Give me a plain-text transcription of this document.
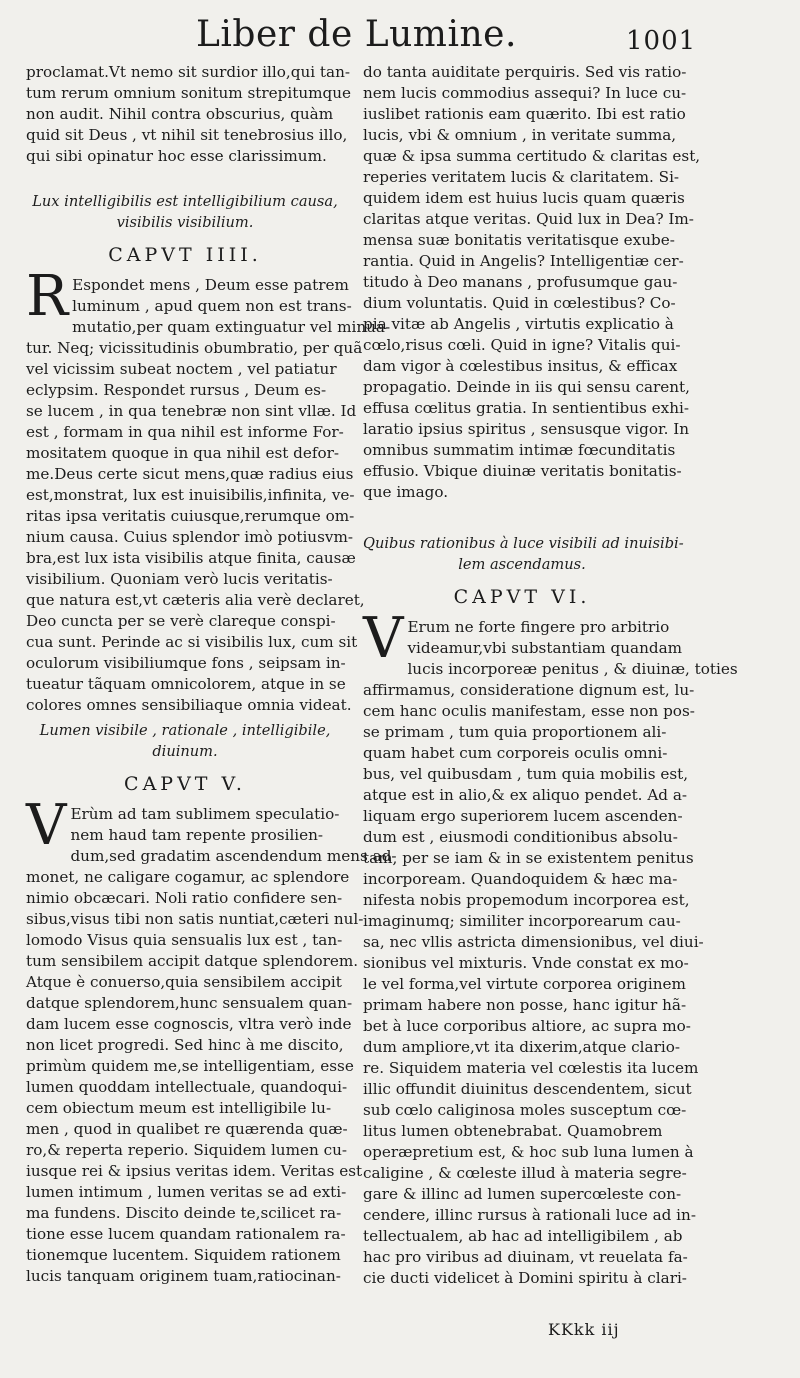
Liber de Lumine.	1001
proclamat.Vt nemo sit surdior illo,qui tan-
tum rerum omnium sonitum strepitumque
non audit. Nihil contra obscurius, quàm
quid sit Deus , vt nihil sit tenebrosius illo,
qui sibi opinatur hoc esse clarissimum.
Lux intelligibilis est intelligibilium causa,
visibilis visibilium.
CAPVT IIII.
R Espondet mens , Deum esse patrem
luminum , apud quem non est trans-
mutatio,per quam extinguatur vel minua-
tur. Neq; vicissitudinis obumbratio, per quã
vel vicissim subeat noctem , vel patiatur
eclypsim. Respondet rursus , Deum es-
se lucem , in qua tenebræ non sint vllæ. Id
est , formam in qua nihil est informe For-
mositatem quoque in qua nihil est defor-
me.Deus certe sicut mens,quæ radius eius
est,monstrat, lux est inuisibilis,infinita, ve-
ritas ipsa veritatis cuiusque,rerumque om-
nium causa. Cuius splendor imò potiusvm-
bra,est lux ista visibilis atque finita, causæ
visibilium. Quoniam verò lucis veritatis-
que natura est,vt cæteris alia verè declaret,
Deo cuncta per se verè clareque conspi-
cua sunt. Perinde ac si visibilis lux, cum sit
oculorum visibiliumque fons , seipsam in-
tueatur tãquam omnicolorem, atque in se
colores omnes sensibiliaque omnia videat.
Lumen visibile , rationale , intelligibile,
diuinum.
CAPVT V.
V Erùm ad tam sublimem speculatio-
nem haud tam repente prosilien-
dum,sed gradatim ascendendum mens ad-
monet, ne caligare cogamur, ac splendore
nimio obcæcari. Noli ratio confidere sen-
sibus,visus tibi non satis nuntiat,cæteri nul-
lomodo Visus quia sensualis lux est , tan-
tum sensibilem accipit datque splendorem.
Atque è conuerso,quia sensibilem accipit
datque splendorem,hunc sensualem quan-
dam lucem esse cognoscis, vltra verò inde
non licet progredi. Sed hinc à me discito,
primùm quidem me,se intelligentiam, esse
lumen quoddam intellectuale, quandoqui-
cem obiectum meum est intelligibile lu-
men , quod in qualibet re quærenda quæ-
ro,& reperta reperio. Siquidem lumen cu-
iusque rei & ipsius veritas idem. Veritas est
lumen intimum , lumen veritas se ad exti-
ma fundens. Discito deinde te,scilicet ra-
tione esse lucem quandam rationalem ra-
tionemque lucentem. Siquidem rationem
lucis tanquam originem tuam,ratiocinan-
do tanta auiditate perquiris. Sed vis ratio-
nem lucis commodius assequi? In luce cu-
iuslibet rationis eam quærito. Ibi est ratio
lucis, vbi & omnium , in veritate summa,
quæ & ipsa summa certitudo & claritas est,
reperies veritatem lucis & claritatem. Si-
quidem idem est huius lucis quam quæris
claritas atque veritas. Quid lux in Dea? Im-
mensa suæ bonitatis veritatisque exube-
rantia. Quid in Angelis? Intelligentiæ cer-
titudo à Deo manans , profusumque gau-
dium voluntatis. Quid in cœlestibus? Co-
pia vitæ ab Angelis , virtutis explicatio à
cœlo,risus cœli. Quid in igne? Vitalis qui-
dam vigor à cœlestibus insitus, & efficax
propagatio. Deinde in iis qui sensu carent,
effusa cœlitus gratia. In sentientibus exhi-
laratio ipsius spiritus , sensusque vigor. In
omnibus summatim intimæ fœcunditatis
effusio. Vbique diuinæ veritatis bonitatis-
que imago.
Quibus rationibus à luce visibili ad inuisibi-
lem ascendamus.
CAPVT VI.
V Erum ne forte fingere pro arbitrio
videamur,vbi substantiam quandam
lucis incorporeæ penitus , & diuinæ, toties
affirmamus, consideratione dignum est, lu-
cem hanc oculis manifestam, esse non pos-
se primam , tum quia proportionem ali-
quam habet cum corporeis oculis omni-
bus, vel quibusdam , tum quia mobilis est,
atque est in alio,& ex aliquo pendet. Ad a-
liquam ergo superiorem lucem ascenden-
dum est , eiusmodi conditionibus absolu-
tam, per se iam & in se existentem penitus
incorpoream. Quandoquidem & hæc ma-
nifesta nobis propemodum incorporea est,
imaginumq; similiter incorporearum cau-
sa, nec vllis astricta dimensionibus, vel diui-
sionibus vel mixturis. Vnde constat ex mo-
le vel forma,vel virtute corporea originem
primam habere non posse, hanc igitur hã-
bet à luce corporibus altiore, ac supra mo-
dum ampliore,vt ita dixerim,atque clario-
re. Siquidem materia vel cœlestis ita lucem
illic offundit diuinitus descendentem, sicut
sub cœlo caliginosa moles susceptum cœ-
litus lumen obtenebrabat. Quamobrem
operæpretium est, & hoc sub luna lumen à
caligine , & cœleste illud à materia segre-
gare & illinc ad lumen supercœleste con-
cendere, illinc rursus à rationali luce ad in-
tellectualem, ab hac ad intelligibilem , ab
hac pro viribus ad diuinam, vt reuelata fa-
cie ducti videlicet à Domini spiritu à clari-
KKkk iij
